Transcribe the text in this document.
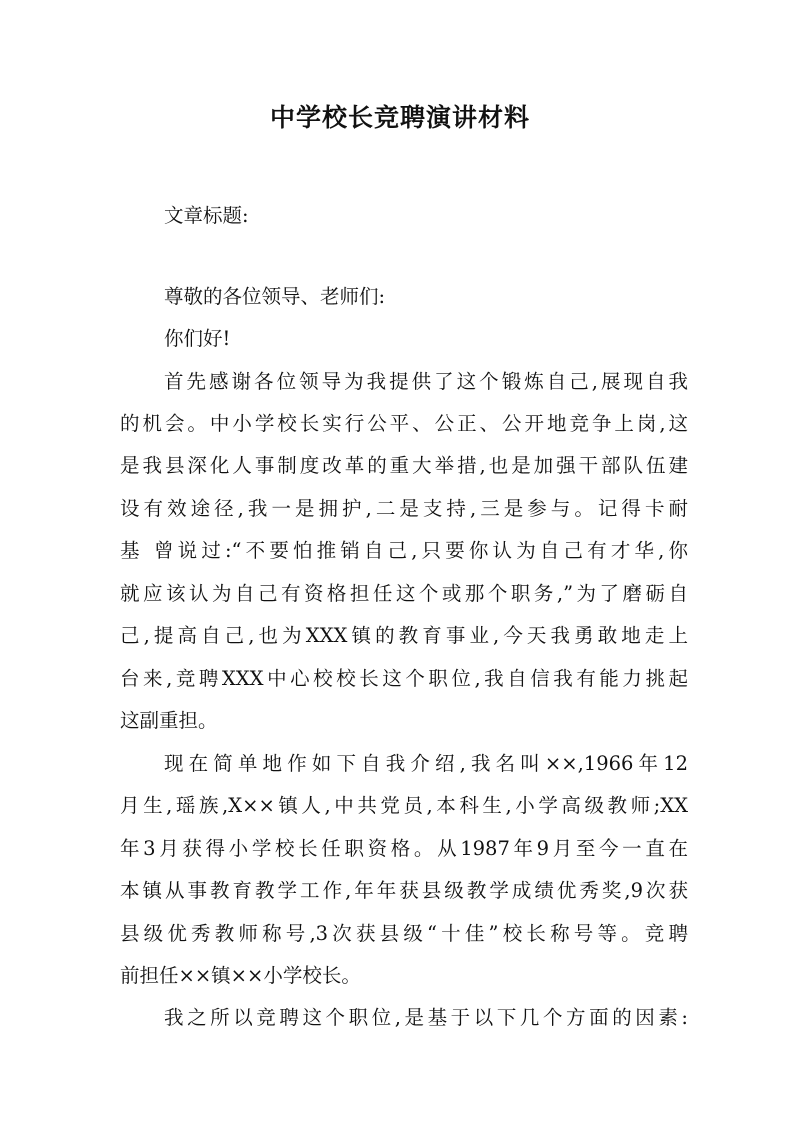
中学校长竞聘演讲材料
文章标题:
尊敬的各位领导、老师们:
你们好!
首先感谢各位领导为我提供了这个锻炼自己,展现自我
的机会。中小学校长实行公平、公正、公开地竞争上岗,这
是我县深化人事制度改革的重大举措,也是加强干部队伍建
设有效途径,我一是拥护,二是支持,三是参与。记得卡耐
基 曾说过:“不要怕推销自己,只要你认为自己有才华,你
就应该认为自己有资格担任这个或那个职务,”为了磨砺自
己,提高自己,也为XXX镇的教育事业,今天我勇敢地走上
台来,竞聘XXX中心校校长这个职位,我自信我有能力挑起
这副重担。
现在简单地作如下自我介绍,我名叫××,1966年12
月生,瑶族,X××镇人,中共党员,本科生,小学高级教师;XX
年3月获得小学校长任职资格。从1987年9月至今一直在
本镇从事教育教学工作,年年获县级教学成绩优秀奖,9次获
县级优秀教师称号,3次获县级“十佳”校长称号等。竞聘
前担任××镇××小学校长。
我之所以竞聘这个职位,是基于以下几个方面的因素:
